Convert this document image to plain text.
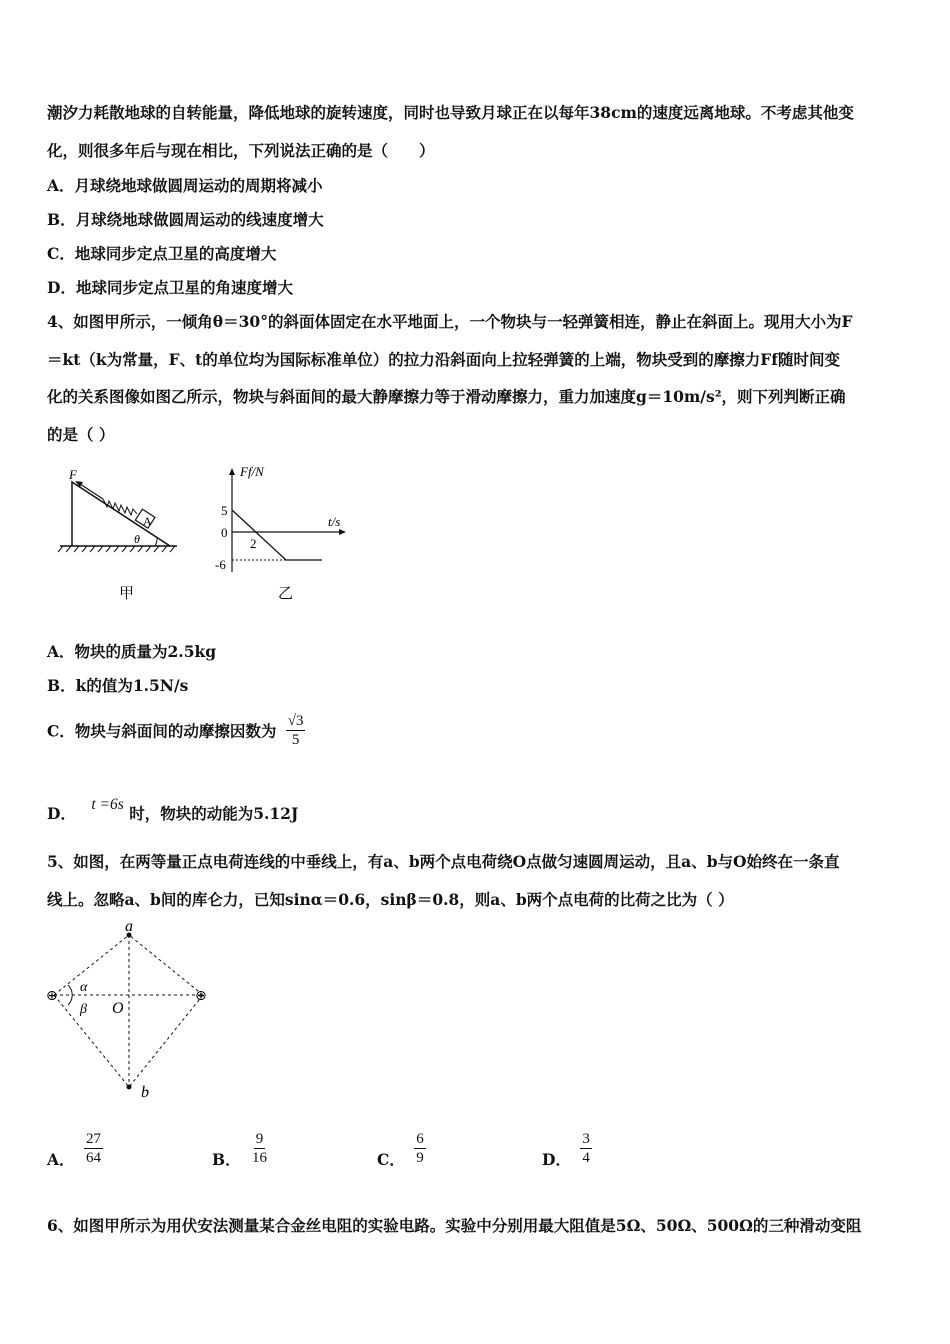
潮汐力耗散地球的自转能量，降低地球的旋转速度，同时也导致月球正在以每年38cm的速度远离地球。不考虑其他变
化，则很多年后与现在相比，下列说法正确的是（　　）
A．月球绕地球做圆周运动的周期将减小
B．月球绕地球做圆周运动的线速度增大
C．地球同步定点卫星的高度增大
D．地球同步定点卫星的角速度增大
4、如图甲所示，一倾角θ＝30°的斜面体固定在水平地面上，一个物块与一轻弹簧相连，静止在斜面上。现用大小为F
＝kt（k为常量，F、t的单位均为国际标准单位）的拉力沿斜面向上拉轻弹簧的上端，物块受到的摩擦力Ff随时间变
化的关系图像如图乙所示，物块与斜面间的最大静摩擦力等于滑动摩擦力，重力加速度g＝10m/s²，则下列判断正确
的是（ ）
F
A
θ
甲
Ff/N
t/s
5
0
-6
2
乙
A．物块的质量为2.5kg
B．k的值为1.5N/s
C．物块与斜面间的动摩擦因数为 $\frac{√3}{5}$
D． t =6s 时，物块的动能为5.12J
5、如图，在两等量正点电荷连线的中垂线上，有a、b两个点电荷绕O点做匀速圆周运动，且a、b与O始终在一条直
线上。忽略a、b间的库仑力，已知sinα＝0.6，sinβ＝0.8，则a、b两个点电荷的比荷之比为（ ）
⊕	⊕
a
b
O
α
β
A． $\frac{27}{64}$	B． $\frac{9}{16}$	C． $\frac{6}{9}$	D． $\frac{3}{4}$
6、如图甲所示为用伏安法测量某合金丝电阻的实验电路。实验中分别用最大阻值是5Ω、50Ω、500Ω的三种滑动变阻
